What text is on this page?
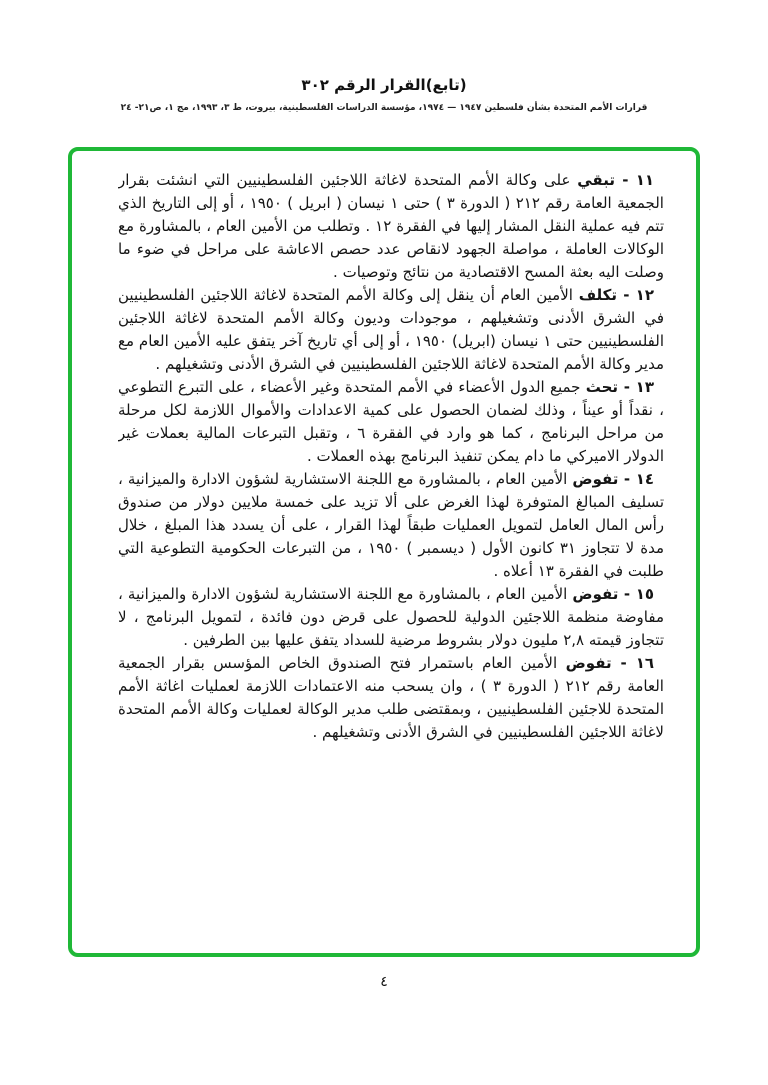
(تابع)القرار الرقم ٣٠٢
قرارات الأمم المتحدة بشأن فلسطين ١٩٤٧ — ١٩٧٤، مؤسسة الدراسات الفلسطينية، بيروت، ط ٣، ١٩٩٣، مج ١، ص٢١- ٢٤

١١ - تبقي على وكالة الأمم المتحدة لاغاثة اللاجئين الفلسطينيين التي انشئت بقرار الجمعية العامة رقم ٢١٢ ( الدورة ٣ ) حتى ١ نيسان ( ابريل ) ١٩٥٠ ، أو إلى التاريخ الذي تتم فيه عملية النقل المشار إليها في الفقرة ١٢ . وتطلب من الأمين العام ، بالمشاورة مع الوكالات العاملة ، مواصلة الجهود لانقاص عدد حصص الاعاشة على مراحل في ضوء ما وصلت اليه بعثة المسح الاقتصادية من نتائج وتوصيات .

١٢ - تكلف الأمين العام أن ينقل إلى وكالة الأمم المتحدة لاغاثة اللاجئين الفلسطينيين في الشرق الأدنى وتشغيلهم ، موجودات وديون وكالة الأمم المتحدة لاغاثة اللاجئين الفلسطينيين حتى ١ نيسان (ابريل) ١٩٥٠ ، أو إلى أي تاريخ آخر يتفق عليه الأمين العام مع مدير وكالة الأمم المتحدة لاغاثة اللاجئين الفلسطينيين في الشرق الأدنى وتشغيلهم .

١٣ - تحث جميع الدول الأعضاء في الأمم المتحدة وغير الأعضاء ، على التبرع التطوعي ، نقداً أو عيناً ، وذلك لضمان الحصول على كمية الاعدادات والأموال اللازمة لكل مرحلة من مراحل البرنامج ، كما هو وارد في الفقرة ٦ ، وتقبل التبرعات المالية بعملات غير الدولار الاميركي ما دام يمكن تنفيذ البرنامج بهذه العملات .

١٤ - تفوض الأمين العام ، بالمشاورة مع اللجنة الاستشارية لشؤون الادارة والميزانية ، تسليف المبالغ المتوفرة لهذا الغرض على ألا تزيد على خمسة ملايين دولار من صندوق رأس المال العامل لتمويل العمليات طبقاً لهذا القرار ، على أن يسدد هذا المبلغ ، خلال مدة لا تتجاوز ٣١ كانون الأول ( ديسمبر ) ١٩٥٠ ، من التبرعات الحكومية التطوعية التي طلبت في الفقرة ١٣ أعلاه .

١٥ - تفوض الأمين العام ، بالمشاورة مع اللجنة الاستشارية لشؤون الادارة والميزانية ، مفاوضة منظمة اللاجئين الدولية للحصول على قرض دون فائدة ، لتمويل البرنامج ، لا تتجاوز قيمته ٢,٨ مليون دولار بشروط مرضية للسداد يتفق عليها بين الطرفين .

١٦ - تفوض الأمين العام باستمرار فتح الصندوق الخاص المؤسس بقرار الجمعية العامة رقم ٢١٢ ( الدورة ٣ ) ، وان يسحب منه الاعتمادات اللازمة لعمليات اغاثة الأمم المتحدة للاجئين الفلسطينيين ، وبمقتضى طلب مدير الوكالة لعمليات وكالة الأمم المتحدة لاغاثة اللاجئين الفلسطينيين في الشرق الأدنى وتشغيلهم .

٤
